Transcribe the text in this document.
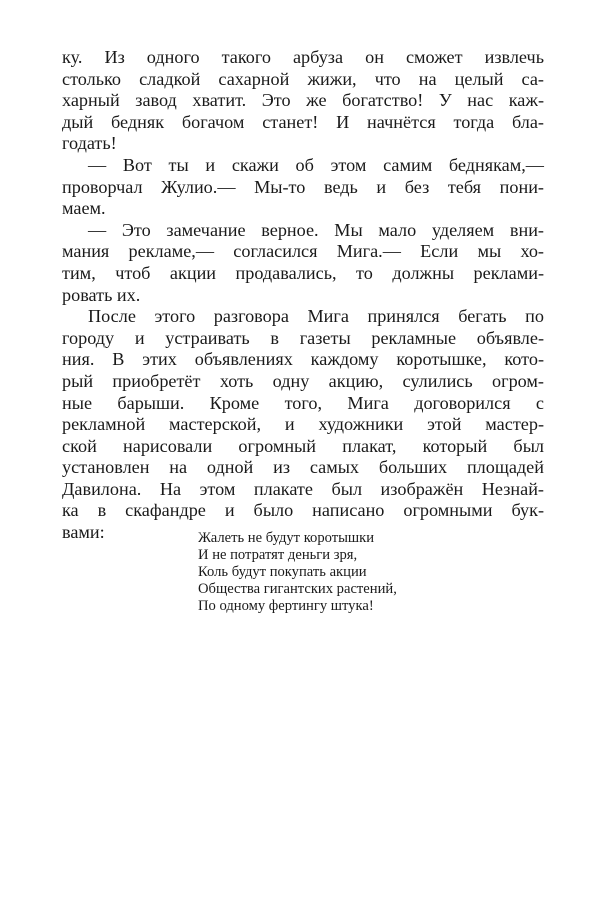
ку. Из одного такого арбуза он сможет извлечь
столько сладкой сахарной жижи, что на целый са-
харный завод хватит. Это же богатство! У нас каж-
дый бедняк богачом станет! И начнётся тогда бла-
годать!

— Вот ты и скажи об этом самим беднякам,—
проворчал Жулио.— Мы-то ведь и без тебя пони-
маем.

— Это замечание верное. Мы мало уделяем вни-
мания рекламе,— согласился Мига.— Если мы хо-
тим, чтоб акции продавались, то должны реклами-
ровать их.

После этого разговора Мига принялся бегать по
городу и устраивать в газеты рекламные объявле-
ния. В этих объявлениях каждому коротышке, кото-
рый приобретёт хоть одну акцию, сулились огром-
ные барыши. Кроме того, Мига договорился с
рекламной мастерской, и художники этой мастер-
ской нарисовали огромный плакат, который был
установлен на одной из самых больших площадей
Давилона. На этом плакате был изображён Незнай-
ка в скафандре и было написано огромными бук-
вами:	Жалеть не будут коротышки
И не потратят деньги зря,
Коль будут покупать акции
Общества гигантских растений,
По одному фертингу штука!
